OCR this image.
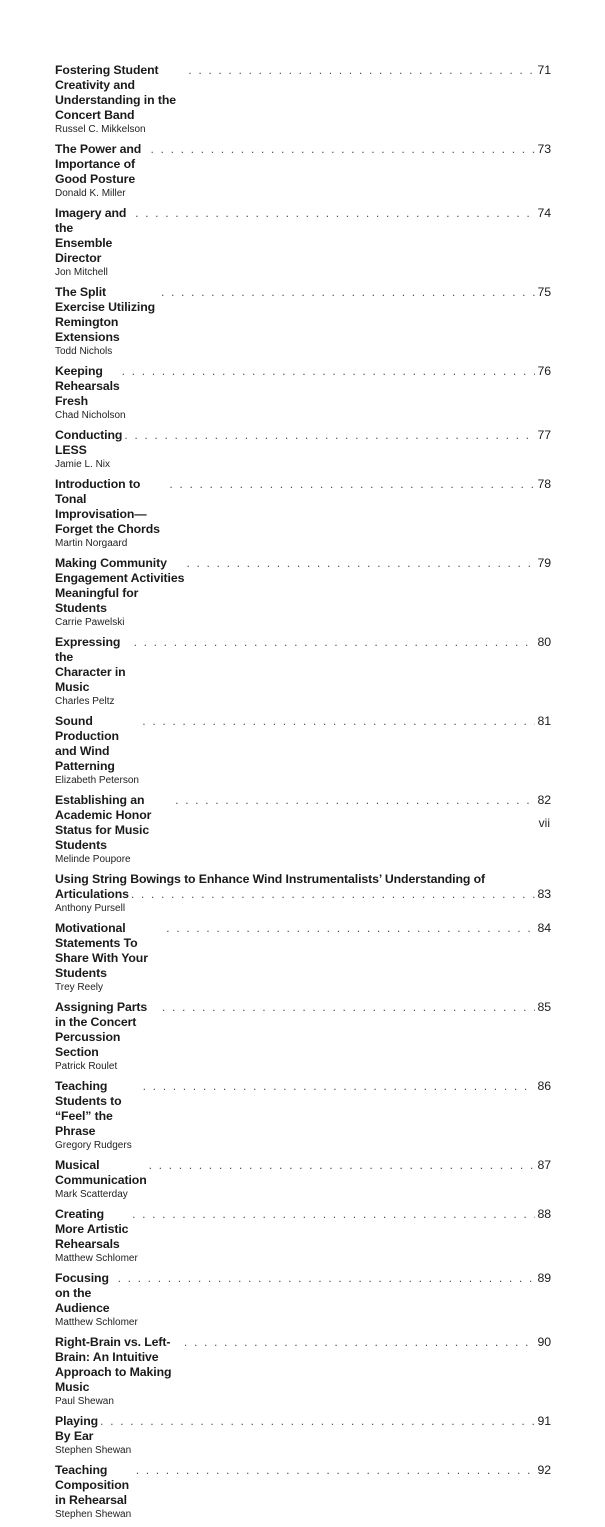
Fostering Student Creativity and Understanding in the Concert Band
. . .
71
Russel C. Mikkelson
The Power and Importance of Good Posture
. . .
73
Donald K. Miller
Imagery and the Ensemble Director
. . .
74
Jon Mitchell
The Split Exercise Utilizing Remington Extensions
. . .
75
Todd Nichols
Keeping Rehearsals Fresh
. . .
76
Chad Nicholson
Conducting LESS
. . .
77
Jamie L. Nix
Introduction to Tonal Improvisation—Forget the Chords
. . .
78
Martin Norgaard
Making Community Engagement Activities Meaningful for Students
. . .
79
Carrie Pawelski
Expressing the Character in Music
. . .
80
Charles Peltz
Sound Production and Wind Patterning
. . .
81
Elizabeth Peterson
Establishing an Academic Honor Status for Music Students
. . .
82
Melinde Poupore
Using String Bowings to Enhance Wind Instrumentalists’ Understanding of
Articulations . . .	83
Anthony Pursell
Motivational Statements To Share With Your Students
. . .
84
Trey Reely
Assigning Parts in the Concert Percussion Section
. . .
85
Patrick Roulet
Teaching Students to “Feel” the Phrase
. . .
86
Gregory Rudgers
Musical Communication
. . .
87
Mark Scatterday
Creating More Artistic Rehearsals
. . .
88
Matthew Schlomer
Focusing on the Audience
. . .
89
Matthew Schlomer
Right-Brain vs. Left-Brain: An Intuitive Approach to Making Music
. . .
90
Paul Shewan
Playing By Ear
. . .
91
Stephen Shewan
Teaching Composition in Rehearsal
. . .
92
Stephen Shewan
vii
